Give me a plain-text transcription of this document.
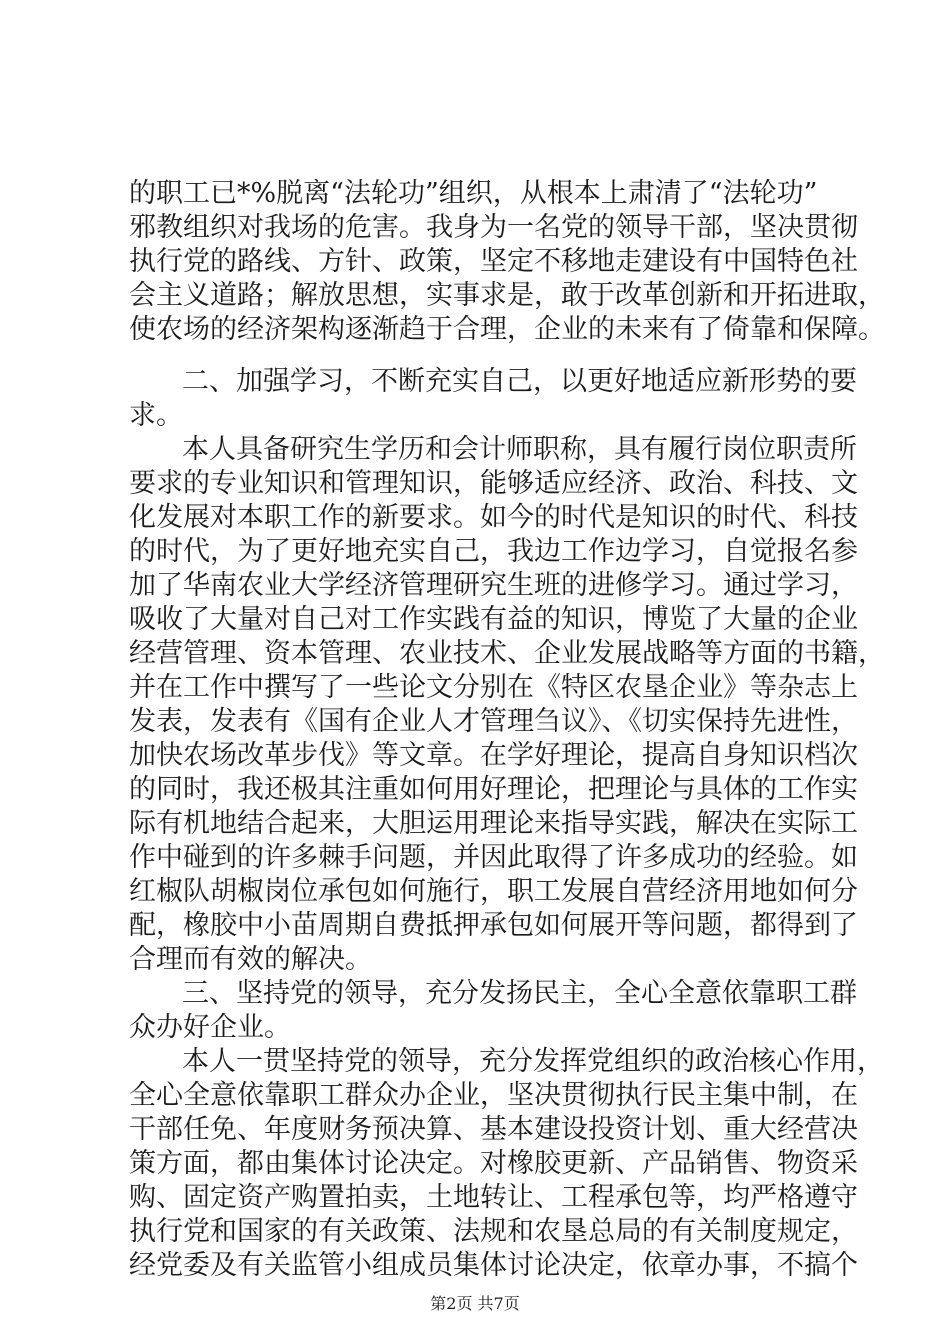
的职工已*%脱离“法轮功”组织，从根本上肃清了“法轮功”
邪教组织对我场的危害。我身为一名党的领导干部，坚决贯彻
执行党的路线、方针、政策，坚定不移地走建设有中国特色社
会主义道路；解放思想，实事求是，敢于改革创新和开拓进取，
使农场的经济架构逐渐趋于合理，企业的未来有了倚靠和保障。
二、加强学习，不断充实自己，以更好地适应新形势的要
求。
本人具备研究生学历和会计师职称，具有履行岗位职责所
要求的专业知识和管理知识，能够适应经济、政治、科技、文
化发展对本职工作的新要求。如今的时代是知识的时代、科技
的时代，为了更好地充实自己，我边工作边学习，自觉报名参
加了华南农业大学经济管理研究生班的进修学习。通过学习，
吸收了大量对自己对工作实践有益的知识，博览了大量的企业
经营管理、资本管理、农业技术、企业发展战略等方面的书籍，
并在工作中撰写了一些论文分别在《特区农垦企业》等杂志上
发表，发表有《国有企业人才管理刍议》、《切实保持先进性，
加快农场改革步伐》等文章。在学好理论，提高自身知识档次
的同时，我还极其注重如何用好理论，把理论与具体的工作实
际有机地结合起来，大胆运用理论来指导实践，解决在实际工
作中碰到的许多棘手问题，并因此取得了许多成功的经验。如
红椒队胡椒岗位承包如何施行，职工发展自营经济用地如何分
配，橡胶中小苗周期自费抵押承包如何展开等问题，都得到了
合理而有效的解决。
三、坚持党的领导，充分发扬民主，全心全意依靠职工群
众办好企业。
本人一贯坚持党的领导，充分发挥党组织的政治核心作用，
全心全意依靠职工群众办企业，坚决贯彻执行民主集中制，在
干部任免、年度财务预决算、基本建设投资计划、重大经营决
策方面，都由集体讨论决定。对橡胶更新、产品销售、物资采
购、固定资产购置拍卖，土地转让、工程承包等，均严格遵守
执行党和国家的有关政策、法规和农垦总局的有关制度规定，
经党委及有关监管小组成员集体讨论决定，依章办事，不搞个
第2页 共7页
